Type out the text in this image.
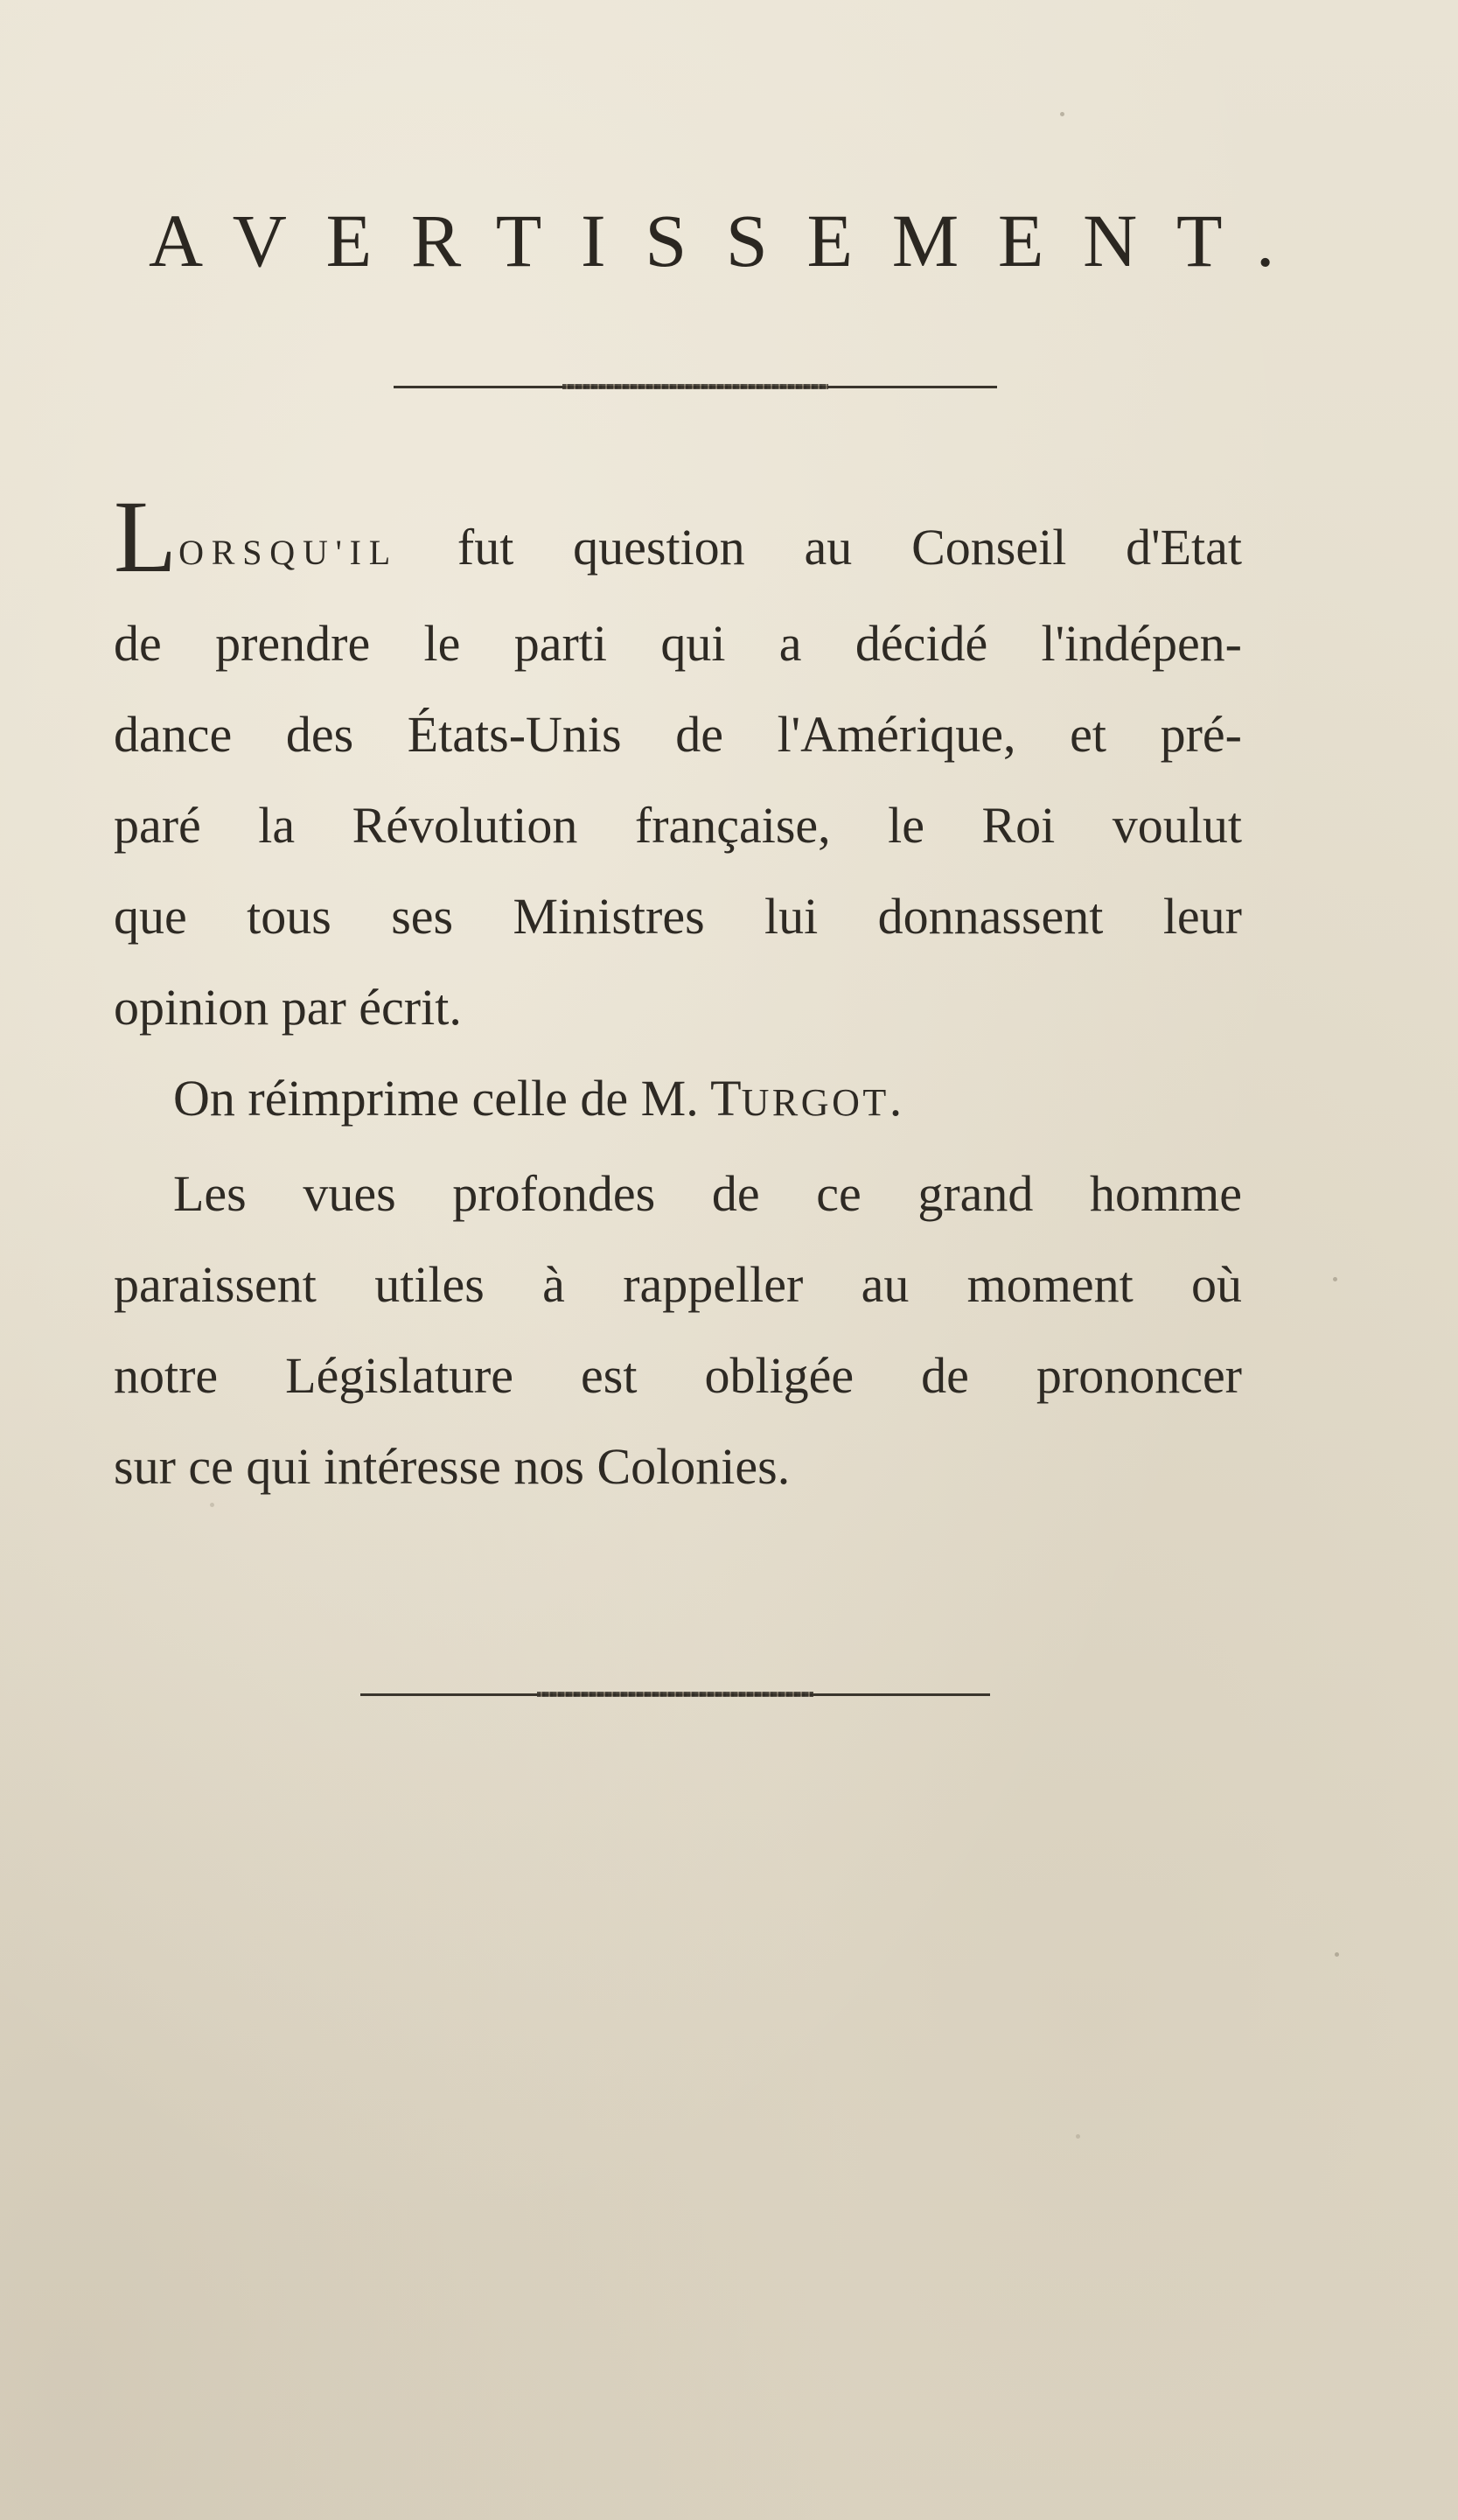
AVERTISSEMENT.
LORSQU'IL fut question au Conseil d'Etat
de prendre le parti qui a décidé l'indépen-
dance des États-Unis de l'Amérique, et pré-
paré la Révolution française, le Roi voulut
que tous ses Ministres lui donnassent leur
opinion par écrit.
On réimprime celle de M. TURGOT.
Les vues profondes de ce grand homme
paraissent utiles à rappeller au moment où
notre Législature est obligée de prononcer
sur ce qui intéresse nos Colonies.
